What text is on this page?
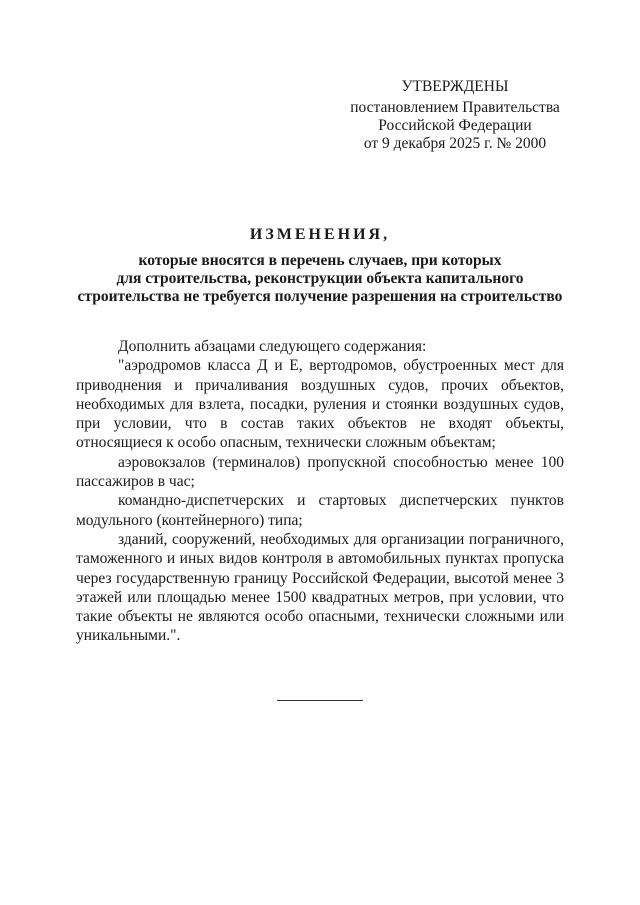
УТВЕРЖДЕНЫ
постановлением Правительства
Российской Федерации
от 9 декабря 2025 г. № 2000
ИЗМЕНЕНИЯ,
которые вносятся в перечень случаев, при которых
для строительства, реконструкции объекта капитального
строительства не требуется получение разрешения на строительство

Дополнить абзацами следующего содержания:

"аэродромов класса Д и Е, вертодромов, обустроенных мест для приводнения и причаливания воздушных судов, прочих объектов, необходимых для взлета, посадки, руления и стоянки воздушных судов, при условии, что в состав таких объектов не входят объекты, относящиеся к особо опасным, технически сложным объектам;

аэровокзалов (терминалов) пропускной способностью менее 100 пассажиров в час;

командно-диспетчерских и стартовых диспетчерских пунктов модульного (контейнерного) типа;

зданий, сооружений, необходимых для организации пограничного, таможенного и иных видов контроля в автомобильных пунктах пропуска через государственную границу Российской Федерации, высотой менее 3 этажей или площадью менее 1500 квадратных метров, при условии, что такие объекты не являются особо опасными, технически сложными или уникальными.".
